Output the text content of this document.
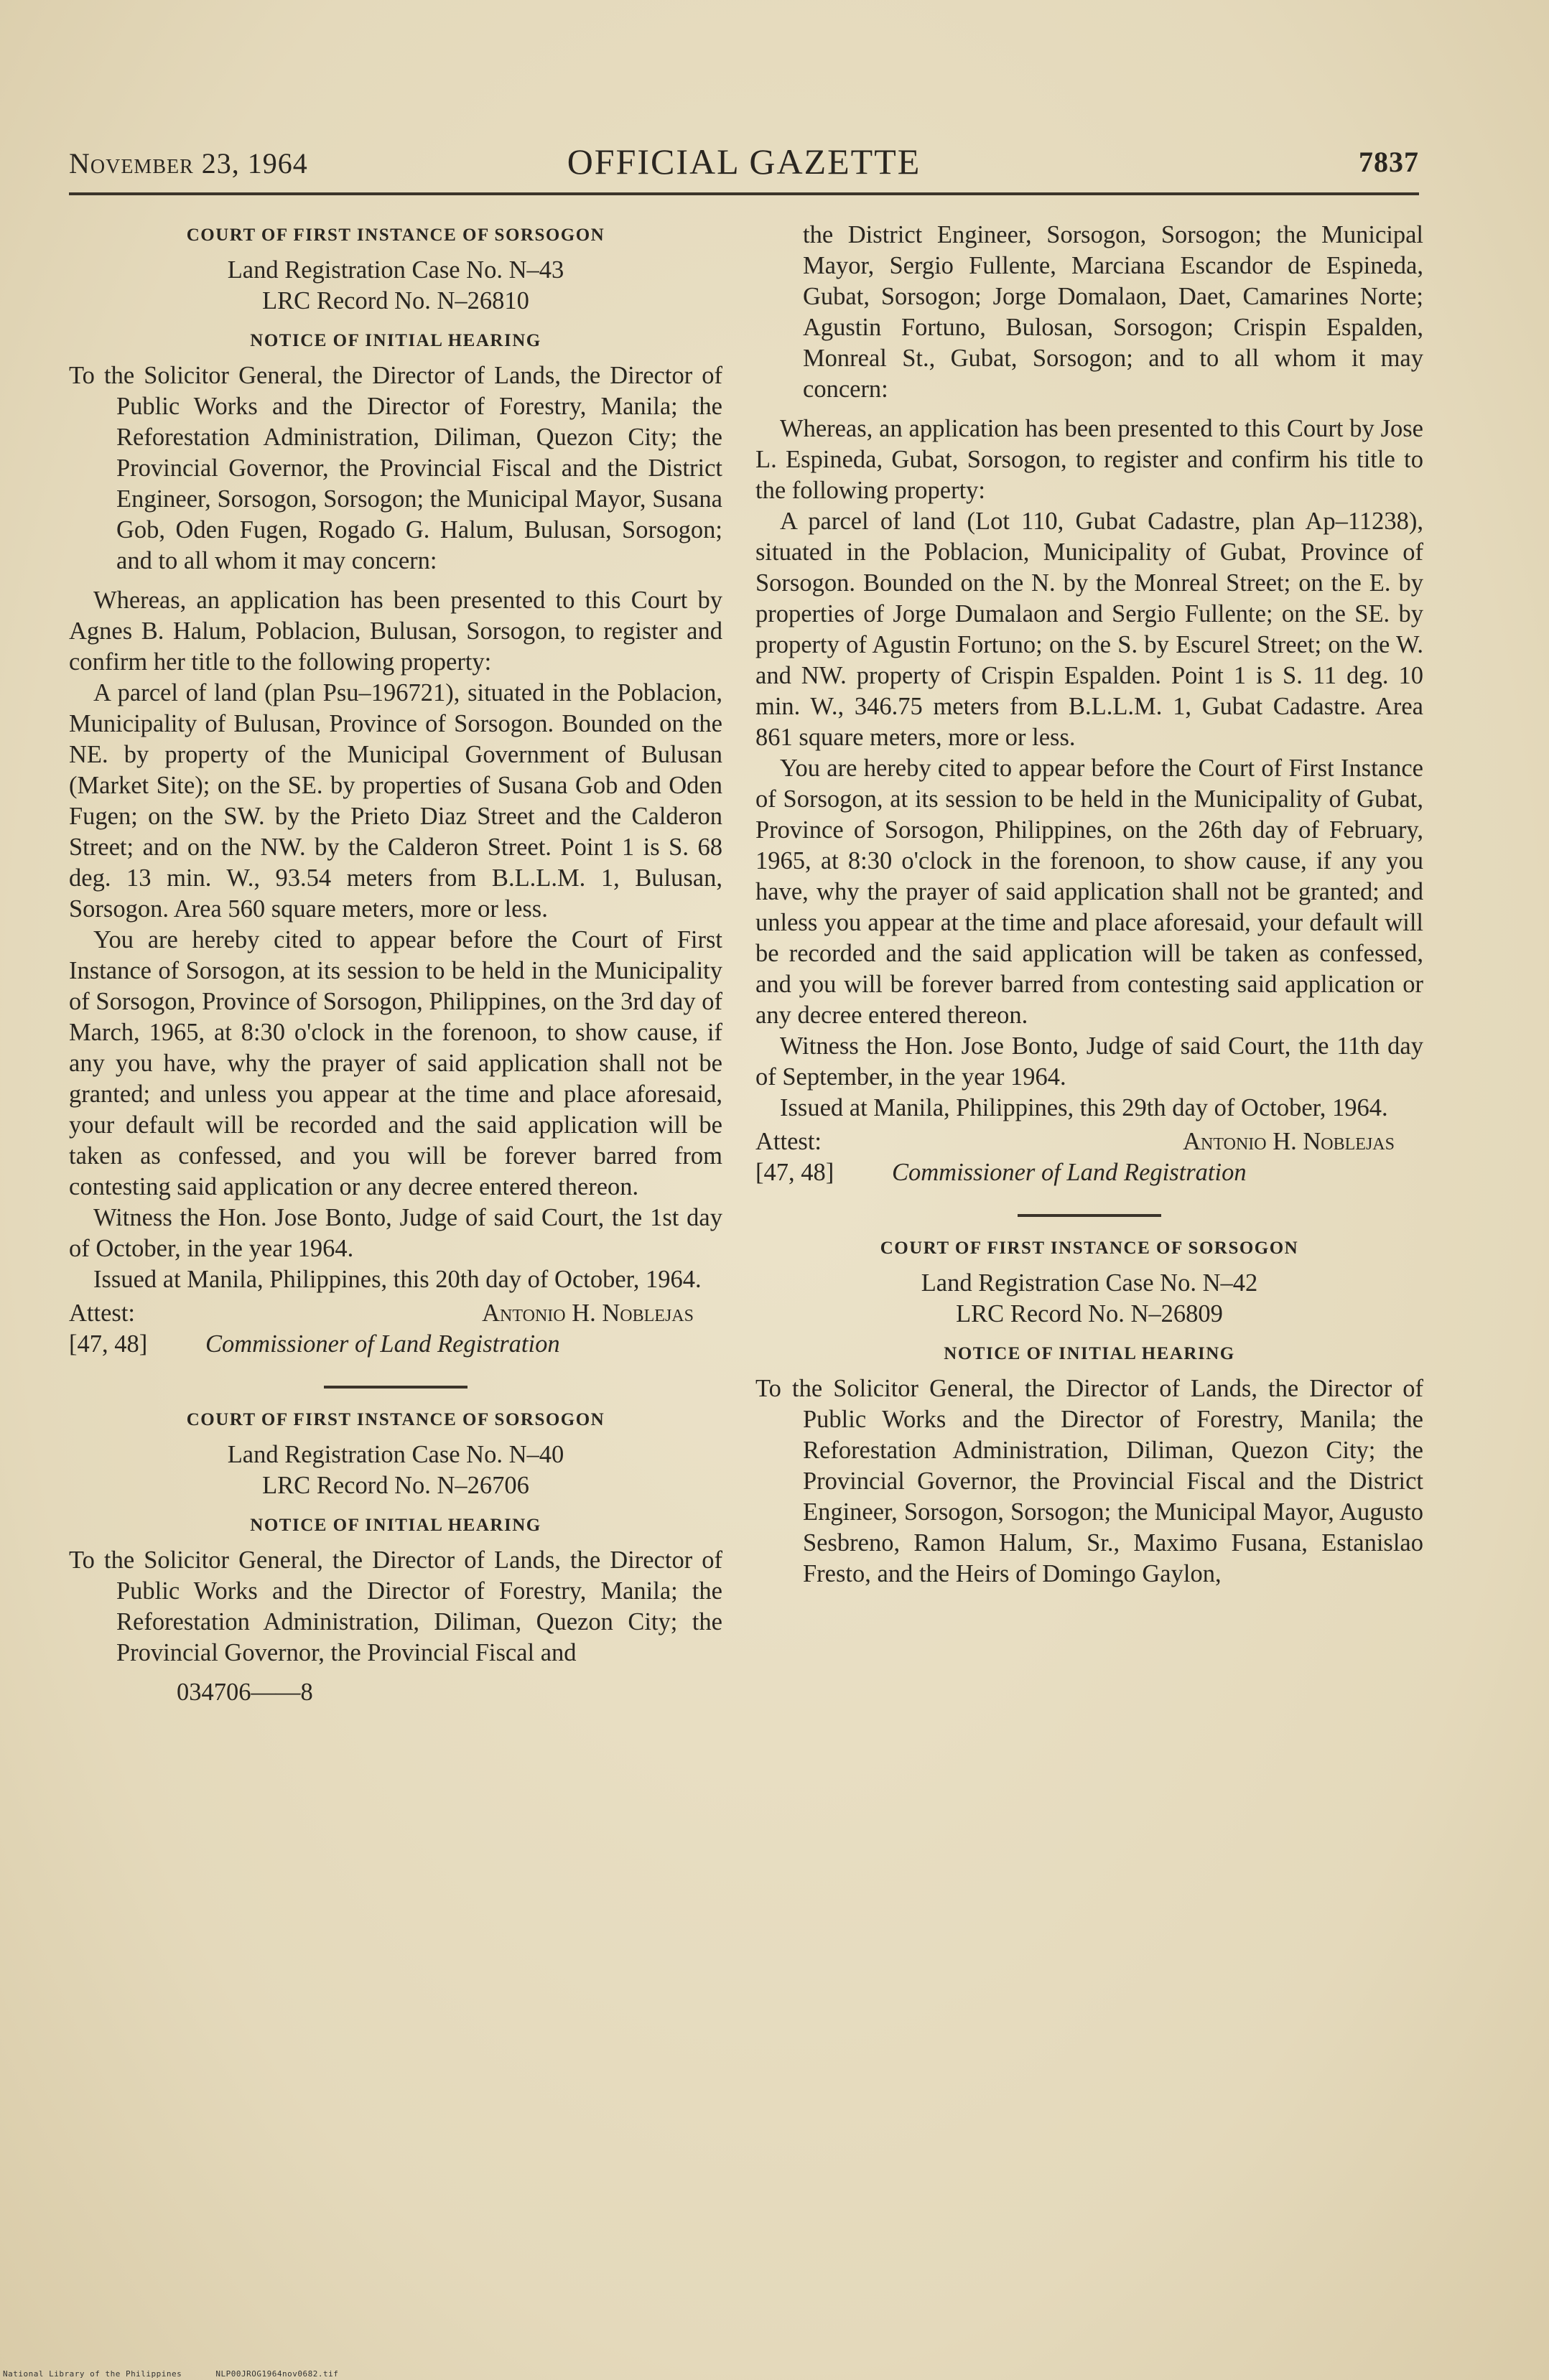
November 23, 1964	OFFICIAL GAZETTE	7837
COURT OF FIRST INSTANCE OF SORSOGON
Land Registration Case No. N–43
LRC Record No. N–26810
NOTICE OF INITIAL HEARING

To the Solicitor General, the Director of Lands, the Director of Public Works and the Director of Forestry, Manila; the Reforestation Administration, Diliman, Quezon City; the Provincial Governor, the Provincial Fiscal and the District Engineer, Sorsogon, Sorsogon; the Municipal Mayor, Susana Gob, Oden Fugen, Rogado G. Halum, Bulusan, Sorsogon; and to all whom it may concern:

Whereas, an application has been presented to this Court by Agnes B. Halum, Poblacion, Bulusan, Sorsogon, to register and confirm her title to the following property:

A parcel of land (plan Psu–196721), situated in the Poblacion, Municipality of Bulusan, Province of Sorsogon. Bounded on the NE. by property of the Municipal Government of Bulusan (Market Site); on the SE. by properties of Susana Gob and Oden Fugen; on the SW. by the Prieto Diaz Street and the Calderon Street; and on the NW. by the Calderon Street. Point 1 is S. 68 deg. 13 min. W., 93.54 meters from B.L.L.M. 1, Bulusan, Sorsogon. Area 560 square meters, more or less.

You are hereby cited to appear before the Court of First Instance of Sorsogon, at its session to be held in the Municipality of Sorsogon, Province of Sorsogon, Philippines, on the 3rd day of March, 1965, at 8:30 o'clock in the forenoon, to show cause, if any you have, why the prayer of said application shall not be granted; and unless you appear at the time and place aforesaid, your default will be recorded and the said application will be taken as confessed, and you will be forever barred from contesting said application or any decree entered thereon.

Witness the Hon. Jose Bonto, Judge of said Court, the 1st day of October, in the year 1964.

Issued at Manila, Philippines, this 20th day of October, 1964.

Attest:	Antonio H. Noblejas
[47, 48]	Commissioner of Land Registration
COURT OF FIRST INSTANCE OF SORSOGON
Land Registration Case No. N–40
LRC Record No. N–26706
NOTICE OF INITIAL HEARING

To the Solicitor General, the Director of Lands, the Director of Public Works and the Director of Forestry, Manila; the Reforestation Administration, Diliman, Quezon City; the Provincial Governor, the Provincial Fiscal and

034706——8

the District Engineer, Sorsogon, Sorsogon; the Municipal Mayor, Sergio Fullente, Marciana Escandor de Espineda, Gubat, Sorsogon; Jorge Domalaon, Daet, Camarines Norte; Agustin Fortuno, Bulosan, Sorsogon; Crispin Espalden, Monreal St., Gubat, Sorsogon; and to all whom it may concern:

Whereas, an application has been presented to this Court by Jose L. Espineda, Gubat, Sorsogon, to register and confirm his title to the following property:

A parcel of land (Lot 110, Gubat Cadastre, plan Ap–11238), situated in the Poblacion, Municipality of Gubat, Province of Sorsogon. Bounded on the N. by the Monreal Street; on the E. by properties of Jorge Dumalaon and Sergio Fullente; on the SE. by property of Agustin Fortuno; on the S. by Escurel Street; on the W. and NW. property of Crispin Espalden. Point 1 is S. 11 deg. 10 min. W., 346.75 meters from B.L.L.M. 1, Gubat Cadastre. Area 861 square meters, more or less.

You are hereby cited to appear before the Court of First Instance of Sorsogon, at its session to be held in the Municipality of Gubat, Province of Sorsogon, Philippines, on the 26th day of February, 1965, at 8:30 o'clock in the forenoon, to show cause, if any you have, why the prayer of said application shall not be granted; and unless you appear at the time and place aforesaid, your default will be recorded and the said application will be taken as confessed, and you will be forever barred from contesting said application or any decree entered thereon.

Witness the Hon. Jose Bonto, Judge of said Court, the 11th day of September, in the year 1964.

Issued at Manila, Philippines, this 29th day of October, 1964.

Attest:	Antonio H. Noblejas
[47, 48]	Commissioner of Land Registration
COURT OF FIRST INSTANCE OF SORSOGON
Land Registration Case No. N–42
LRC Record No. N–26809
NOTICE OF INITIAL HEARING

To the Solicitor General, the Director of Lands, the Director of Public Works and the Director of Forestry, Manila; the Reforestation Administration, Diliman, Quezon City; the Provincial Governor, the Provincial Fiscal and the District Engineer, Sorsogon, Sorsogon; the Municipal Mayor, Augusto Sesbreno, Ramon Halum, Sr., Maximo Fusana, Estanislao Fresto, and the Heirs of Domingo Gaylon,

National Library of the Philippines	NLP00JROG1964nov0682.tif
